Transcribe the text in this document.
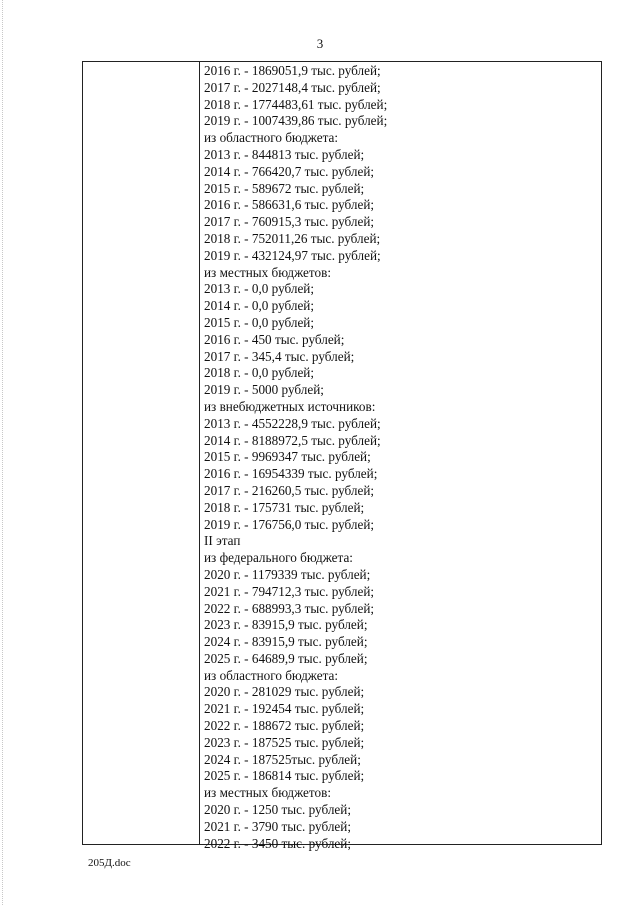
3
2016 г. - 1869051,9 тыс. рублей;
2017 г. - 2027148,4 тыс. рублей;
2018 г. - 1774483,61 тыс. рублей;
2019 г. - 1007439,86 тыс. рублей;
из областного бюджета:
2013 г. - 844813 тыс. рублей;
2014 г. - 766420,7 тыс. рублей;
2015 г. - 589672 тыс. рублей;
2016 г. - 586631,6 тыс. рублей;
2017 г. - 760915,3 тыс. рублей;
2018 г. - 752011,26 тыс. рублей;
2019 г. - 432124,97 тыс. рублей;
из местных бюджетов:
2013 г. - 0,0 рублей;
2014 г. - 0,0 рублей;
2015 г. - 0,0 рублей;
2016 г. - 450 тыс. рублей;
2017 г. - 345,4 тыс. рублей;
2018 г. - 0,0 рублей;
2019 г. - 5000 рублей;
из внебюджетных источников:
2013 г. - 4552228,9 тыс. рублей;
2014 г. - 8188972,5 тыс. рублей;
2015 г. - 9969347 тыс. рублей;
2016 г. - 16954339 тыс. рублей;
2017 г. - 216260,5 тыс. рублей;
2018 г. - 175731 тыс. рублей;
2019 г. - 176756,0 тыс. рублей;
II этап
из федерального бюджета:
2020 г. - 1179339 тыс. рублей;
2021 г. - 794712,3 тыс. рублей;
2022 г. - 688993,3 тыс. рублей;
2023 г. - 83915,9 тыс. рублей;
2024 г. - 83915,9 тыс. рублей;
2025 г. - 64689,9 тыс. рублей;
из областного бюджета:
2020 г. - 281029 тыс. рублей;
2021 г. - 192454 тыс. рублей;
2022 г. - 188672 тыс. рублей;
2023 г. - 187525 тыс. рублей;
2024 г. - 187525тыс. рублей;
2025 г. - 186814 тыс. рублей;
из местных бюджетов:
2020 г. - 1250 тыс. рублей;
2021 г. - 3790 тыс. рублей;
2022 г. - 3450 тыс. рублей;
205Д.doc
